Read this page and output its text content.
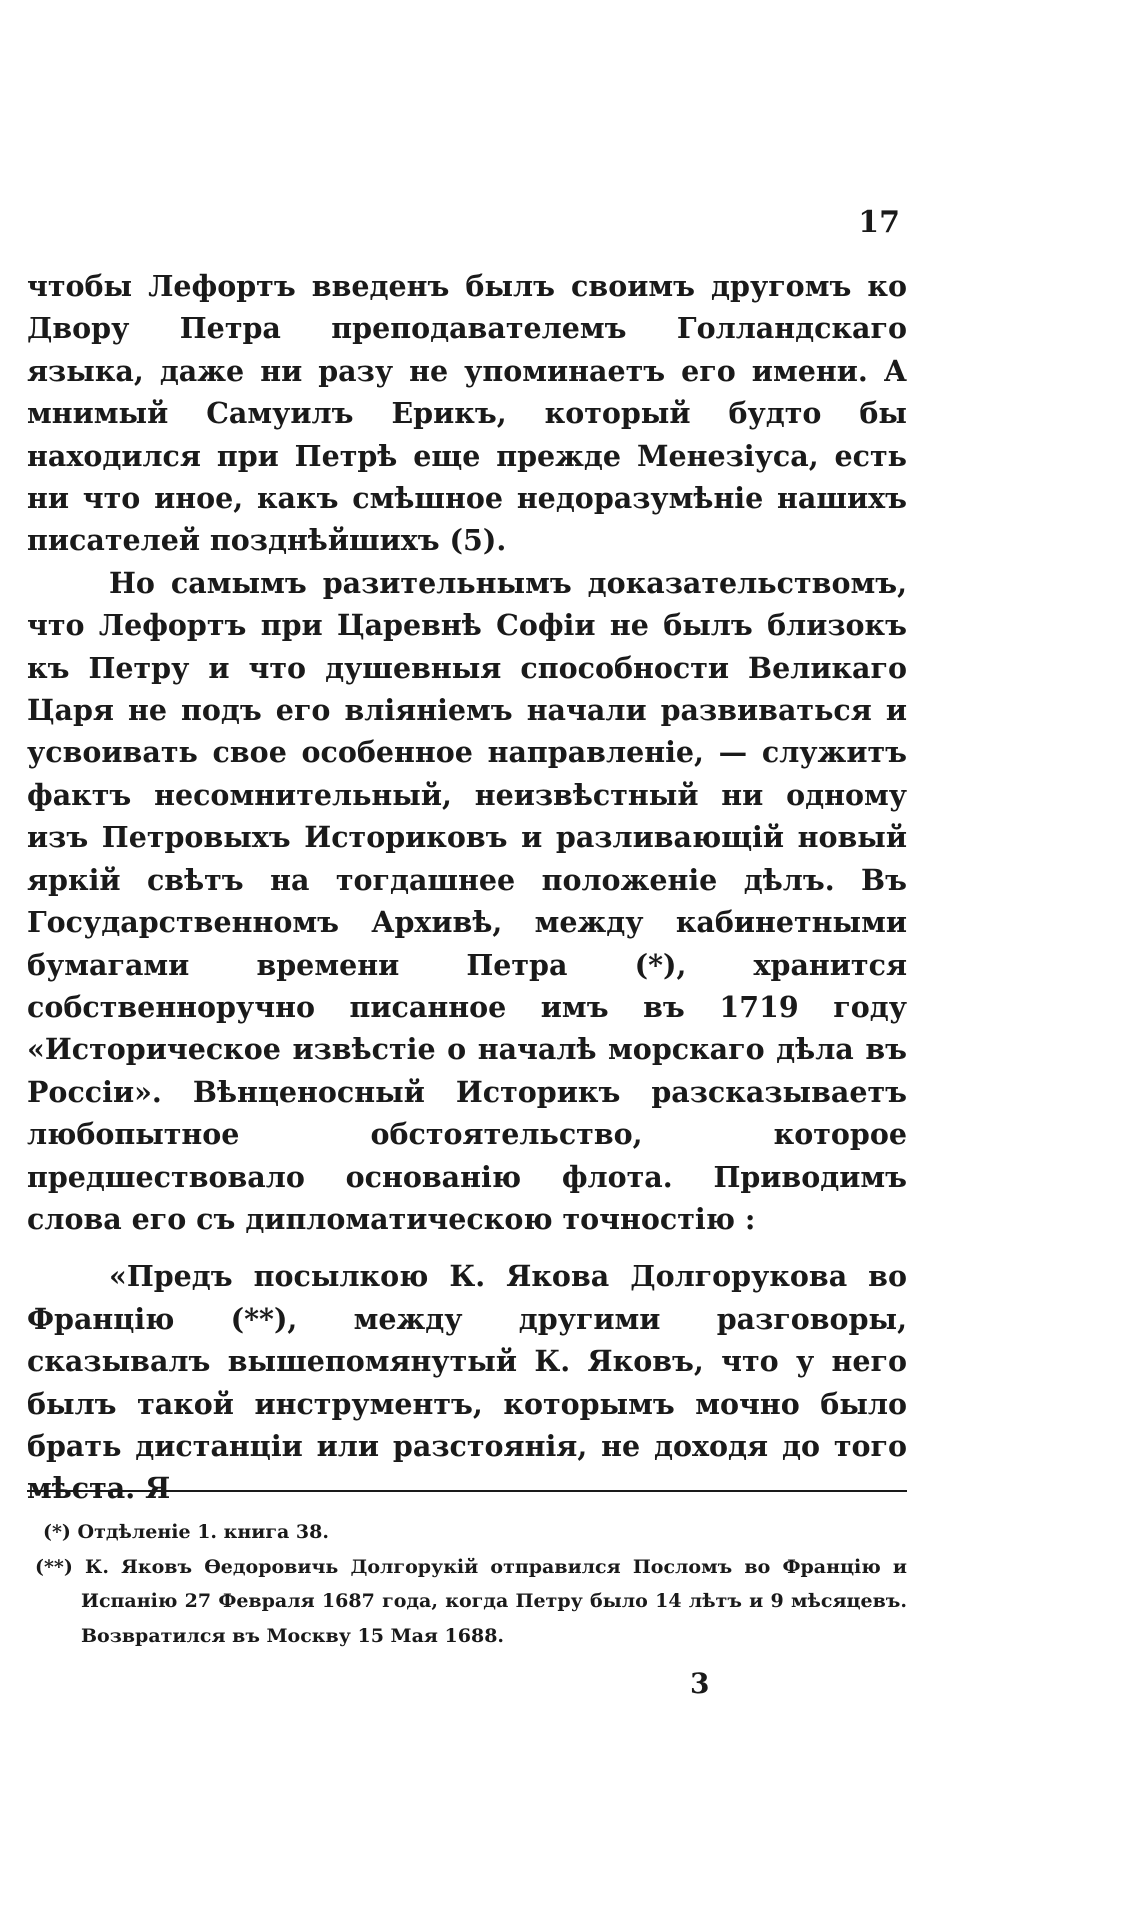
17

чтобы Лефортъ введенъ былъ своимъ другомъ ко Двору Петра преподавателемъ Голландскаго языка, даже ни разу не упоминаетъ его имени. А мнимый Самуилъ Ерикъ, который будто бы находился при Петрѣ еще прежде Менезіуса, есть ни что иное, какъ смѣшное недоразумѣніе нашихъ писателей позднѣйшихъ (5).

Но самымъ разительнымъ доказательствомъ, что Лефортъ при Царевнѣ Софіи не былъ близокъ къ Петру и что душевныя способности Великаго Царя не подъ его вліяніемъ начали развиваться и усвоивать свое особенное направленіе, — служитъ фактъ несомнительный, неизвѣстный ни одному изъ Петровыхъ Историковъ и разливающій новый яркій свѣтъ на тогдашнее положеніе дѣлъ. Въ Государственномъ Архивѣ, между кабинетными бумагами времени Петра (*), хранится собственноручно писанное имъ въ 1719 году «Историческое извѣстіе о началѣ морскаго дѣла въ Россіи». Вѣнценосный Историкъ разсказываетъ любопытное обстоятельство, которое предшествовало основанію флота. Приводимъ слова его съ дипломатическою точностію :

«Предъ посылкою К. Якова Долгорукова во Францію (**), между другими разговоры, сказывалъ вышепомянутый К. Яковъ, что у него былъ такой инструментъ, которымъ мочно было брать дистанціи или разстоянія, не доходя до того мѣста. Я

(*) Отдѣленіе 1. книга 38.

(**) К. Яковъ Ѳедоровичь Долгорукій отправился Посломъ во Францію и Испанію 27 Февраля 1687 года, когда Петру было 14 лѣтъ и 9 мѣсяцевъ. Возвратился въ Москву 15 Мая 1688.

3
